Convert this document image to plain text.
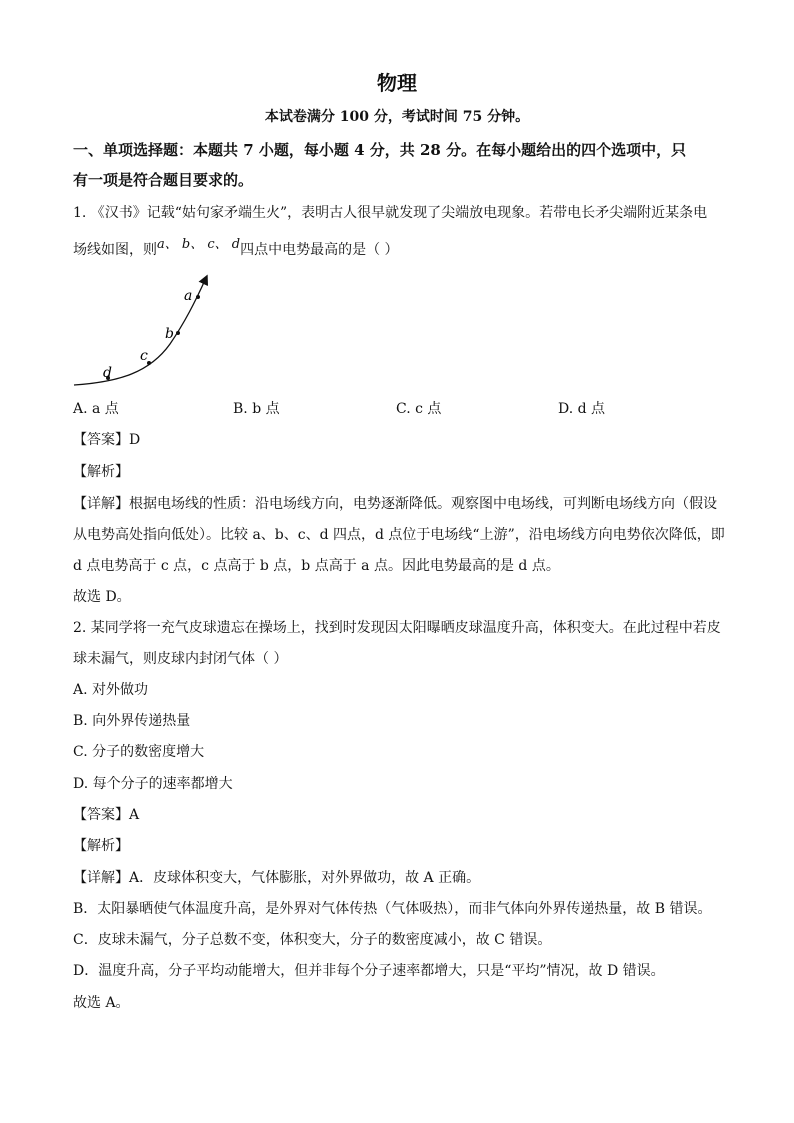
物理
本试卷满分 100 分，考试时间 75 分钟。
一、单项选择题：本题共 7 小题，每小题 4 分，共 28 分。在每小题给出的四个选项中，只
有一项是符合题目要求的。
1. 《汉书》记载“姑句家矛端生火”，表明古人很早就发现了尖端放电现象。若带电长矛尖端附近某条电
场线如图，则a、 b、 c、 d四点中电势最高的是（ ）
a
b
c
d
A. a 点	B. b 点	C. c 点	D. d 点
【答案】D
【解析】
【详解】根据电场线的性质：沿电场线方向，电势逐渐降低。观察图中电场线，可判断电场线方向（假设
从电势高处指向低处）。比较 a、b、c、d 四点，d 点位于电场线“上游”，沿电场线方向电势依次降低，即
d 点电势高于 c 点，c 点高于 b 点，b 点高于 a 点。因此电势最高的是 d 点。
故选 D。
2. 某同学将一充气皮球遗忘在操场上，找到时发现因太阳曝晒皮球温度升高，体积变大。在此过程中若皮
球未漏气，则皮球内封闭气体（ ）
A. 对外做功
B. 向外界传递热量
C. 分子的数密度增大
D. 每个分子的速率都增大
【答案】A
【解析】
【详解】A．皮球体积变大，气体膨胀，对外界做功，故 A 正确。
B．太阳暴晒使气体温度升高，是外界对气体传热（气体吸热），而非气体向外界传递热量，故 B 错误。
C．皮球未漏气，分子总数不变，体积变大，分子的数密度减小，故 C 错误。
D．温度升高，分子平均动能增大，但并非每个分子速率都增大，只是“平均”情况，故 D 错误。
故选 A。
